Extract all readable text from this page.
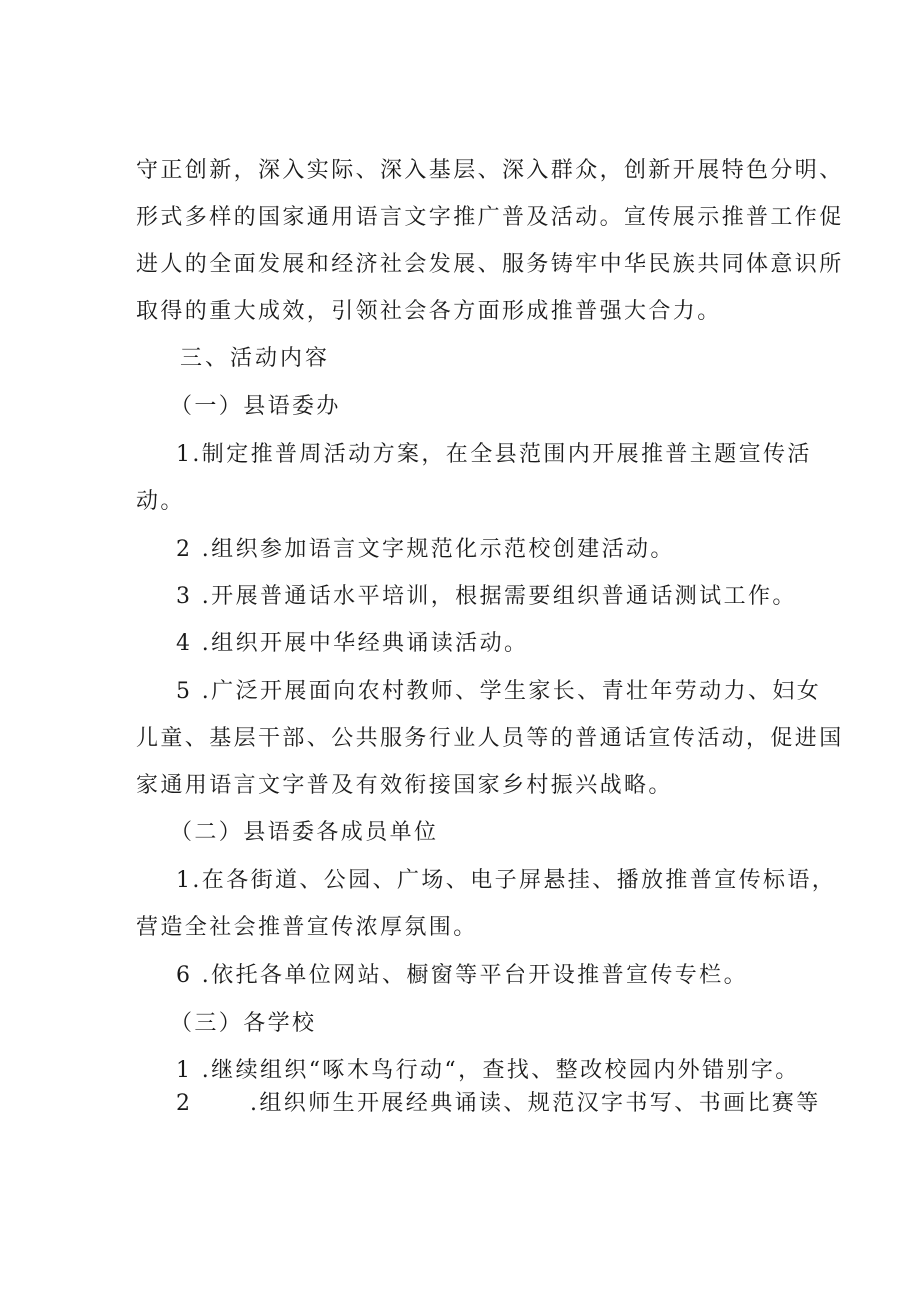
守正创新，深入实际、深入基层、深入群众，创新开展特色分明、
形式多样的国家通用语言文字推广普及活动。宣传展示推普工作促
进人的全面发展和经济社会发展、服务铸牢中华民族共同体意识所
取得的重大成效，引领社会各方面形成推普强大合力。
三、活动内容
（一）县语委办
1.制定推普周活动方案，在全县范围内开展推普主题宣传活
动。
2 .组织参加语言文字规范化示范校创建活动。
3 .开展普通话水平培训，根据需要组织普通话测试工作。
4 .组织开展中华经典诵读活动。
5 .广泛开展面向农村教师、学生家长、青壮年劳动力、妇女
儿童、基层干部、公共服务行业人员等的普通话宣传活动，促进国
家通用语言文字普及有效衔接国家乡村振兴战略。
（二）县语委各成员单位
1.在各街道、公园、广场、电子屏悬挂、播放推普宣传标语，
营造全社会推普宣传浓厚氛围。
6 .依托各单位网站、橱窗等平台开设推普宣传专栏。
（三）各学校
1 .继续组织“啄木鸟行动“，查找、整改校园内外错别字。
2	.组织师生开展经典诵读、规范汉字书写、书画比赛等
